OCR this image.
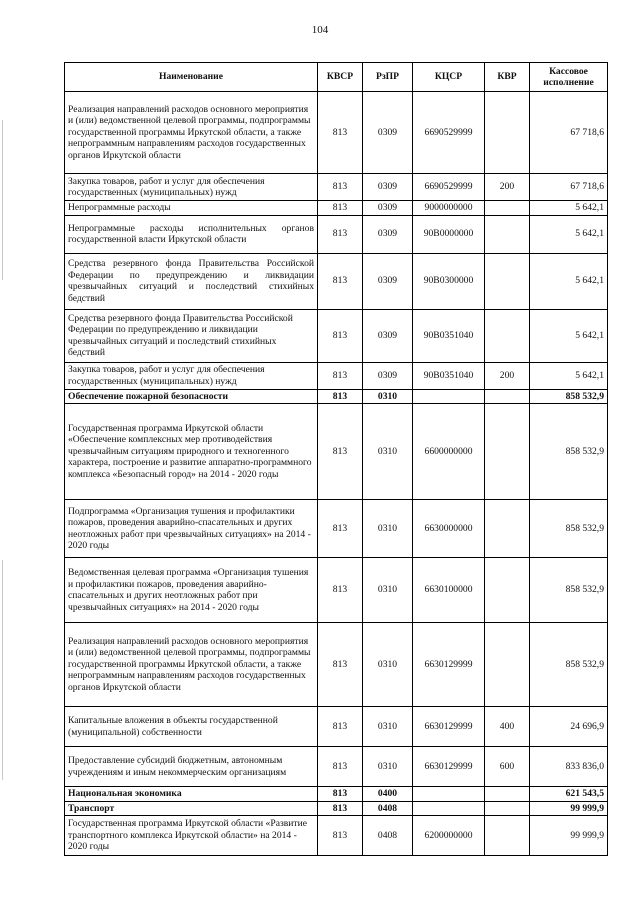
104
Наименование	КВСР	РзПР	КЦСР	КВР	Кассовое исполнение
Реализация направлений расходов основного мероприятия и (или) ведомственной целевой программы, подпрограммы государственной программы Иркутской области, а также непрограммным направлениям расходов государственных органов Иркутской области	813	0309	6690529999		67 718,6
Закупка товаров, работ и услуг для обеспечения государственных (муниципальных) нужд	813	0309	6690529999	200	67 718,6
Непрограммные расходы	813	0309	9000000000		5 642,1
Непрограммные расходы исполнительных органов государственной власти Иркутской области	813	0309	90В0000000		5 642,1
Средства резервного фонда Правительства Российской Федерации по предупреждению и ликвидации чрезвычайных ситуаций и последствий стихийных бедствий	813	0309	90В0300000		5 642,1
Средства резервного фонда Правительства Российской Федерации по предупреждению и ликвидации чрезвычайных ситуаций и последствий стихийных бедствий	813	0309	90В0351040		5 642,1
Закупка товаров, работ и услуг для обеспечения государственных (муниципальных) нужд	813	0309	90В0351040	200	5 642,1
Обеспечение пожарной безопасности	813	0310			858 532,9
Государственная программа Иркутской области «Обеспечение комплексных мер противодействия чрезвычайным ситуациям природного и техногенного характера, построение и развитие аппаратно-программного комплекса «Безопасный город» на 2014 - 2020 годы	813	0310	6600000000		858 532,9
Подпрограмма «Организация тушения и профилактики пожаров, проведения аварийно-спасательных и других неотложных работ при чрезвычайных ситуациях» на 2014 - 2020 годы	813	0310	6630000000		858 532,9
Ведомственная целевая программа «Организация тушения и профилактики пожаров, проведения аварийно-спасательных и других неотложных работ при чрезвычайных ситуациях» на 2014 - 2020 годы	813	0310	6630100000		858 532,9
Реализация направлений расходов основного мероприятия и (или) ведомственной целевой программы, подпрограммы государственной программы Иркутской области, а также непрограммным направлениям расходов государственных органов Иркутской области	813	0310	6630129999		858 532,9
Капитальные вложения в объекты государственной (муниципальной) собственности	813	0310	6630129999	400	24 696,9
Предоставление субсидий бюджетным, автономным учреждениям и иным некоммерческим организациям	813	0310	6630129999	600	833 836,0
Национальная экономика	813	0400			621 543,5
Транспорт	813	0408			99 999,9
Государственная программа Иркутской области «Развитие транспортного комплекса Иркутской области» на 2014 - 2020 годы	813	0408	6200000000		99 999,9
